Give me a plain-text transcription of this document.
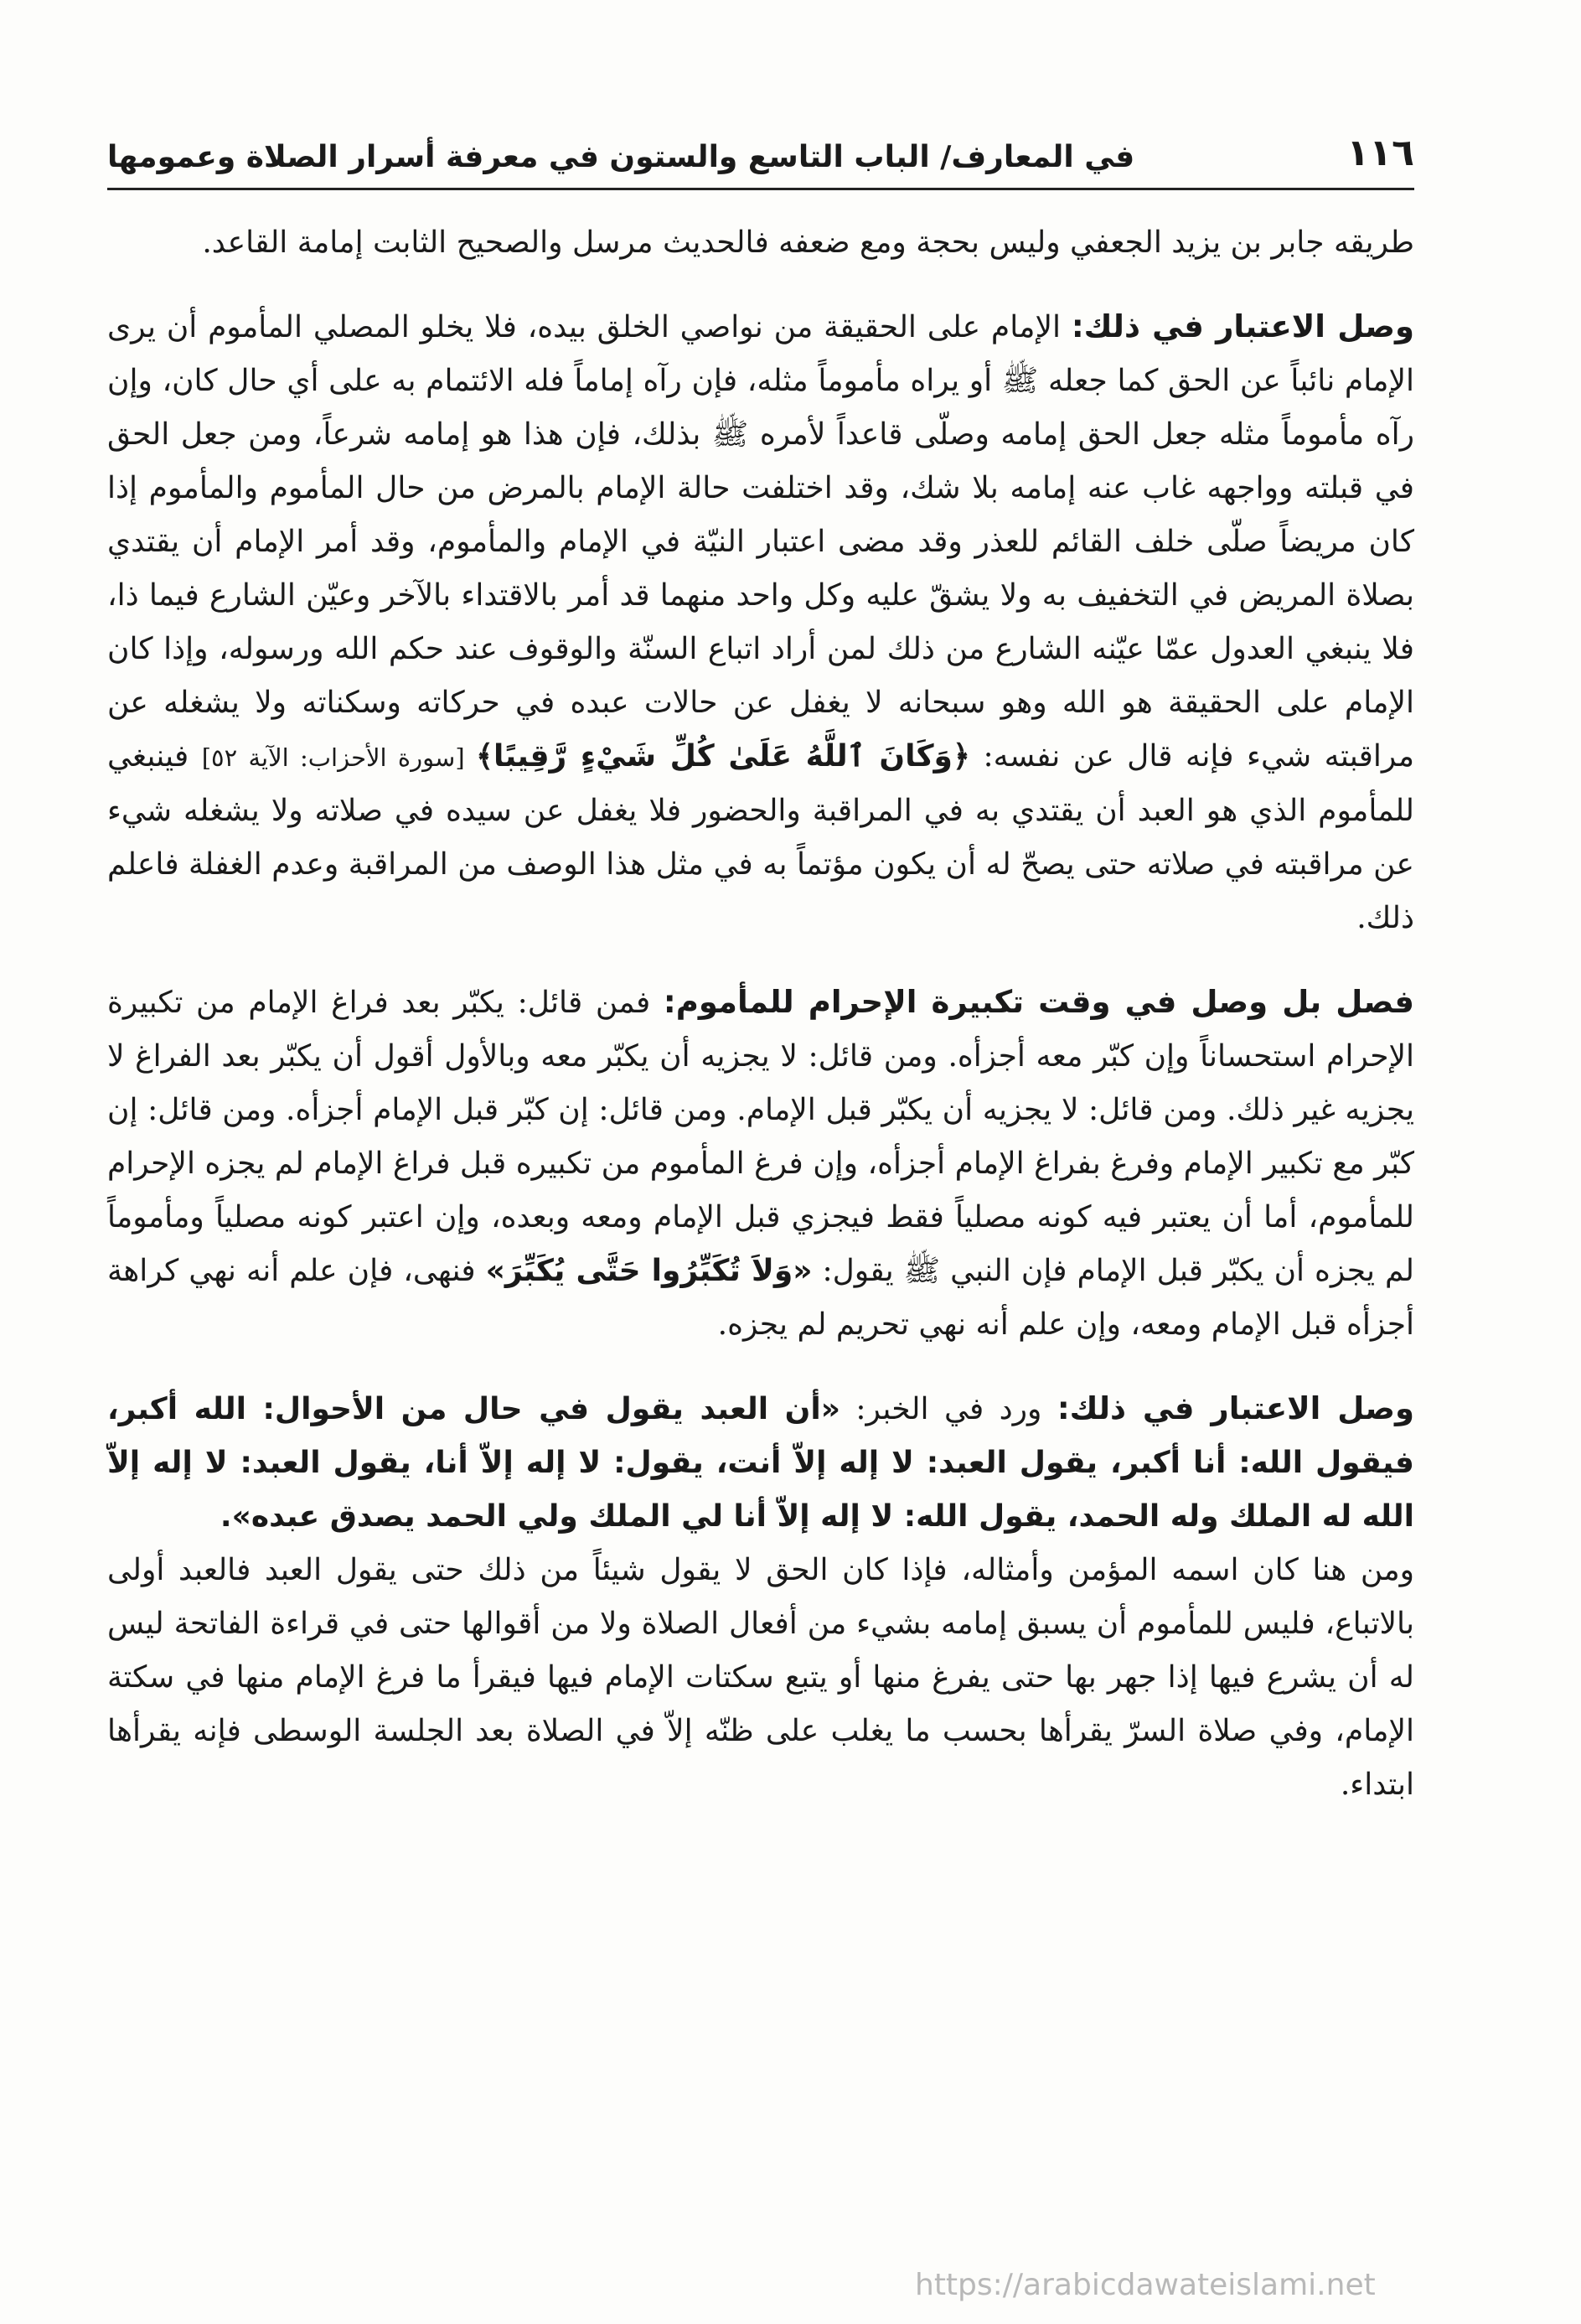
١١٦
في المعارف/ الباب التاسع والستون في معرفة أسرار الصلاة وعمومها

طريقه جابر بن يزيد الجعفي وليس بحجة ومع ضعفه فالحديث مرسل والصحيح الثابت إمامة القاعد.

وصل الاعتبار في ذلك: الإمام على الحقيقة من نواصي الخلق بيده، فلا يخلو المصلي المأموم أن يرى الإمام نائباً عن الحق كما جعله ﷺ أو يراه مأموماً مثله، فإن رآه إماماً فله الائتمام به على أي حال كان، وإن رآه مأموماً مثله جعل الحق إمامه وصلّى قاعداً لأمره ﷺ بذلك، فإن هذا هو إمامه شرعاً، ومن جعل الحق في قبلته وواجهه غاب عنه إمامه بلا شك، وقد اختلفت حالة الإمام بالمرض من حال المأموم والمأموم إذا كان مريضاً صلّى خلف القائم للعذر وقد مضى اعتبار النيّة في الإمام والمأموم، وقد أمر الإمام أن يقتدي بصلاة المريض في التخفيف به ولا يشقّ عليه وكل واحد منهما قد أمر بالاقتداء بالآخر وعيّن الشارع فيما ذا، فلا ينبغي العدول عمّا عيّنه الشارع من ذلك لمن أراد اتباع السنّة والوقوف عند حكم الله ورسوله، وإذا كان الإمام على الحقيقة هو الله وهو سبحانه لا يغفل عن حالات عبده في حركاته وسكناته ولا يشغله عن مراقبته شيء فإنه قال عن نفسه: ﴿وَكَانَ ٱللَّهُ عَلَىٰ كُلِّ شَيْءٍ رَّقِيبًا﴾ [سورة الأحزاب: الآية ٥٢] فينبغي للمأموم الذي هو العبد أن يقتدي به في المراقبة والحضور فلا يغفل عن سيده في صلاته ولا يشغله شيء عن مراقبته في صلاته حتى يصحّ له أن يكون مؤتماً به في مثل هذا الوصف من المراقبة وعدم الغفلة فاعلم ذلك.

فصل بل وصل في وقت تكبيرة الإحرام للمأموم: فمن قائل: يكبّر بعد فراغ الإمام من تكبيرة الإحرام استحساناً وإن كبّر معه أجزأه. ومن قائل: لا يجزيه أن يكبّر معه وبالأول أقول أن يكبّر بعد الفراغ لا يجزيه غير ذلك. ومن قائل: لا يجزيه أن يكبّر قبل الإمام. ومن قائل: إن كبّر قبل الإمام أجزأه. ومن قائل: إن كبّر مع تكبير الإمام وفرغ بفراغ الإمام أجزأه، وإن فرغ المأموم من تكبيره قبل فراغ الإمام لم يجزه الإحرام للمأموم، أما أن يعتبر فيه كونه مصلياً فقط فيجزي قبل الإمام ومعه وبعده، وإن اعتبر كونه مصلياً ومأموماً لم يجزه أن يكبّر قبل الإمام فإن النبي ﷺ يقول: «وَلاَ تُكَبِّرُوا حَتَّى يُكَبِّرَ» فنهى، فإن علم أنه نهي كراهة أجزأه قبل الإمام ومعه، وإن علم أنه نهي تحريم لم يجزه.

وصل الاعتبار في ذلك: ورد في الخبر: «أن العبد يقول في حال من الأحوال: الله أكبر، فيقول الله: أنا أكبر، يقول العبد: لا إله إلاّ أنت، يقول: لا إله إلاّ أنا، يقول العبد: لا إله إلاّ الله له الملك وله الحمد، يقول الله: لا إله إلاّ أنا لي الملك ولي الحمد يصدق عبده».

ومن هنا كان اسمه المؤمن وأمثاله، فإذا كان الحق لا يقول شيئاً من ذلك حتى يقول العبد فالعبد أولى بالاتباع، فليس للمأموم أن يسبق إمامه بشيء من أفعال الصلاة ولا من أقوالها حتى في قراءة الفاتحة ليس له أن يشرع فيها إذا جهر بها حتى يفرغ منها أو يتبع سكتات الإمام فيها فيقرأ ما فرغ الإمام منها في سكتة الإمام، وفي صلاة السرّ يقرأها بحسب ما يغلب على ظنّه إلاّ في الصلاة بعد الجلسة الوسطى فإنه يقرأها ابتداء.

https://arabicdawateislami.net
